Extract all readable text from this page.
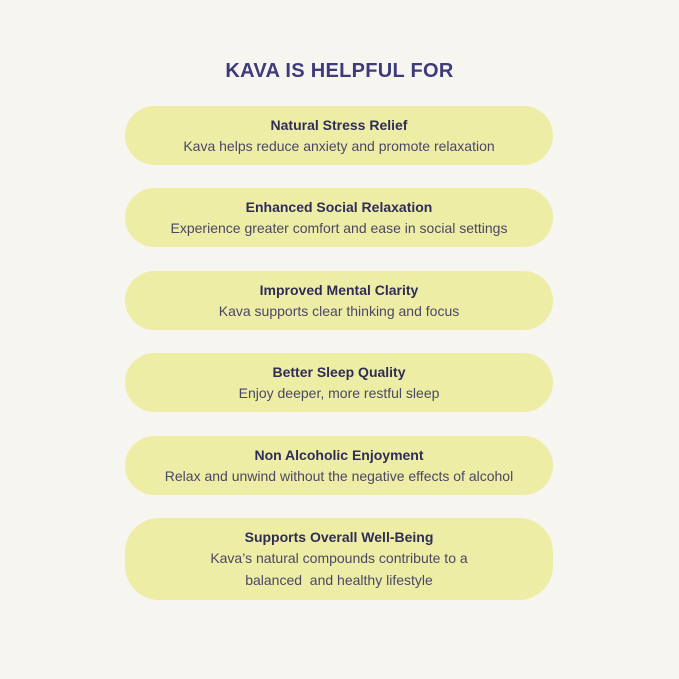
KAVA IS HELPFUL FOR
Natural Stress Relief
Kava helps reduce anxiety and promote relaxation
Enhanced Social Relaxation
Experience greater comfort and ease in social settings
Improved Mental Clarity
Kava supports clear thinking and focus
Better Sleep Quality
Enjoy deeper, more restful sleep
Non Alcoholic Enjoyment
Relax and unwind without the negative effects of alcohol
Supports Overall Well-Being
Kava’s natural compounds contribute to a
balanced  and healthy lifestyle
